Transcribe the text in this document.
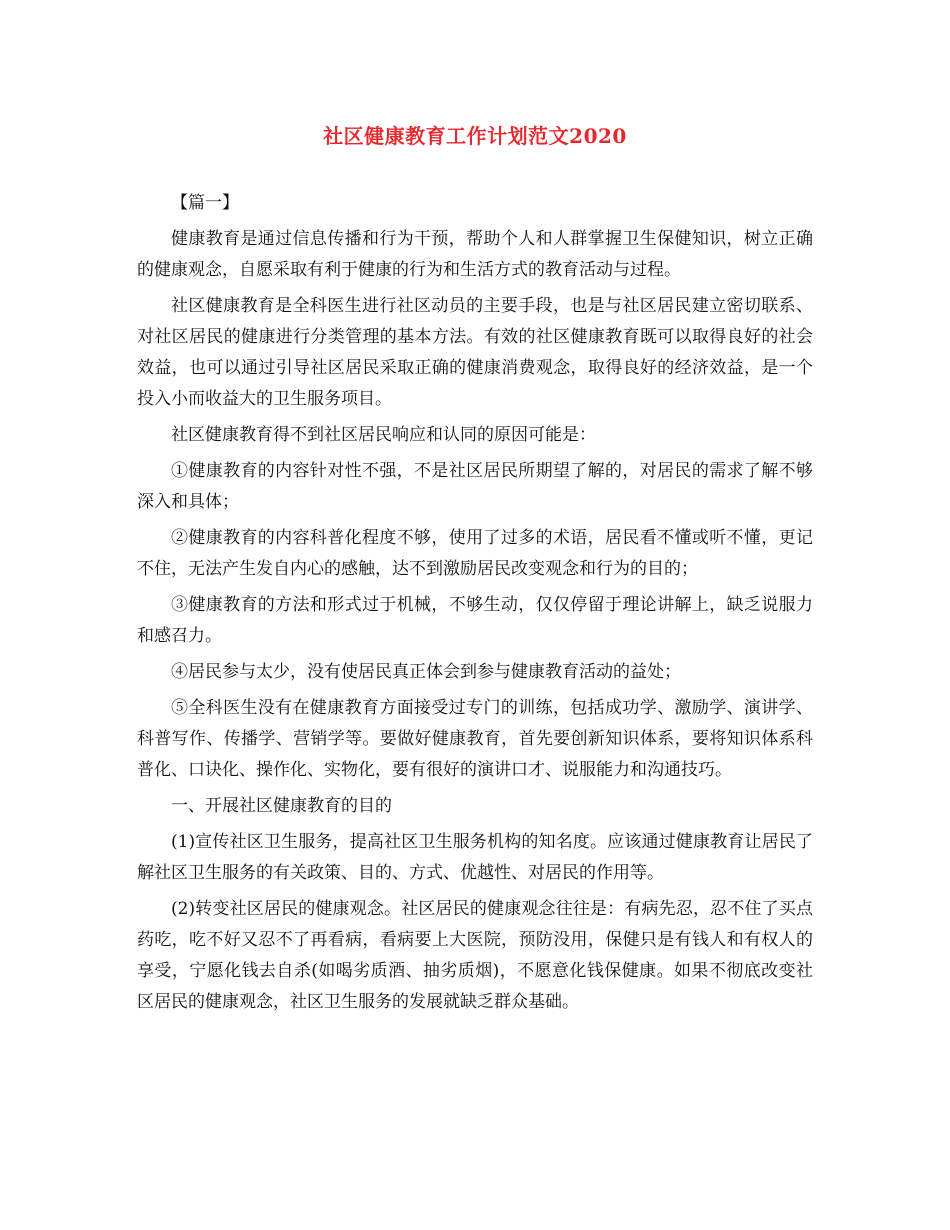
社区健康教育工作计划范文2020

【篇一】

健康教育是通过信息传播和行为干预，帮助个人和人群掌握卫生保健知识，树立正确的健康观念，自愿采取有利于健康的行为和生活方式的教育活动与过程。

社区健康教育是全科医生进行社区动员的主要手段，也是与社区居民建立密切联系、对社区居民的健康进行分类管理的基本方法。有效的社区健康教育既可以取得良好的社会效益，也可以通过引导社区居民采取正确的健康消费观念，取得良好的经济效益，是一个投入小而收益大的卫生服务项目。

社区健康教育得不到社区居民响应和认同的原因可能是：

①健康教育的内容针对性不强，不是社区居民所期望了解的，对居民的需求了解不够深入和具体；

②健康教育的内容科普化程度不够，使用了过多的术语，居民看不懂或听不懂，更记不住，无法产生发自内心的感触，达不到激励居民改变观念和行为的目的；

③健康教育的方法和形式过于机械，不够生动，仅仅停留于理论讲解上，缺乏说服力和感召力。

④居民参与太少，没有使居民真正体会到参与健康教育活动的益处；

⑤全科医生没有在健康教育方面接受过专门的训练，包括成功学、激励学、演讲学、科普写作、传播学、营销学等。要做好健康教育，首先要创新知识体系，要将知识体系科普化、口诀化、操作化、实物化，要有很好的演讲口才、说服能力和沟通技巧。

一、开展社区健康教育的目的

(1)宣传社区卫生服务，提高社区卫生服务机构的知名度。应该通过健康教育让居民了解社区卫生服务的有关政策、目的、方式、优越性、对居民的作用等。

(2)转变社区居民的健康观念。社区居民的健康观念往往是：有病先忍，忍不住了买点药吃，吃不好又忍不了再看病，看病要上大医院，预防没用，保健只是有钱人和有权人的享受，宁愿化钱去自杀(如喝劣质酒、抽劣质烟)，不愿意化钱保健康。如果不彻底改变社区居民的健康观念，社区卫生服务的发展就缺乏群众基础。
